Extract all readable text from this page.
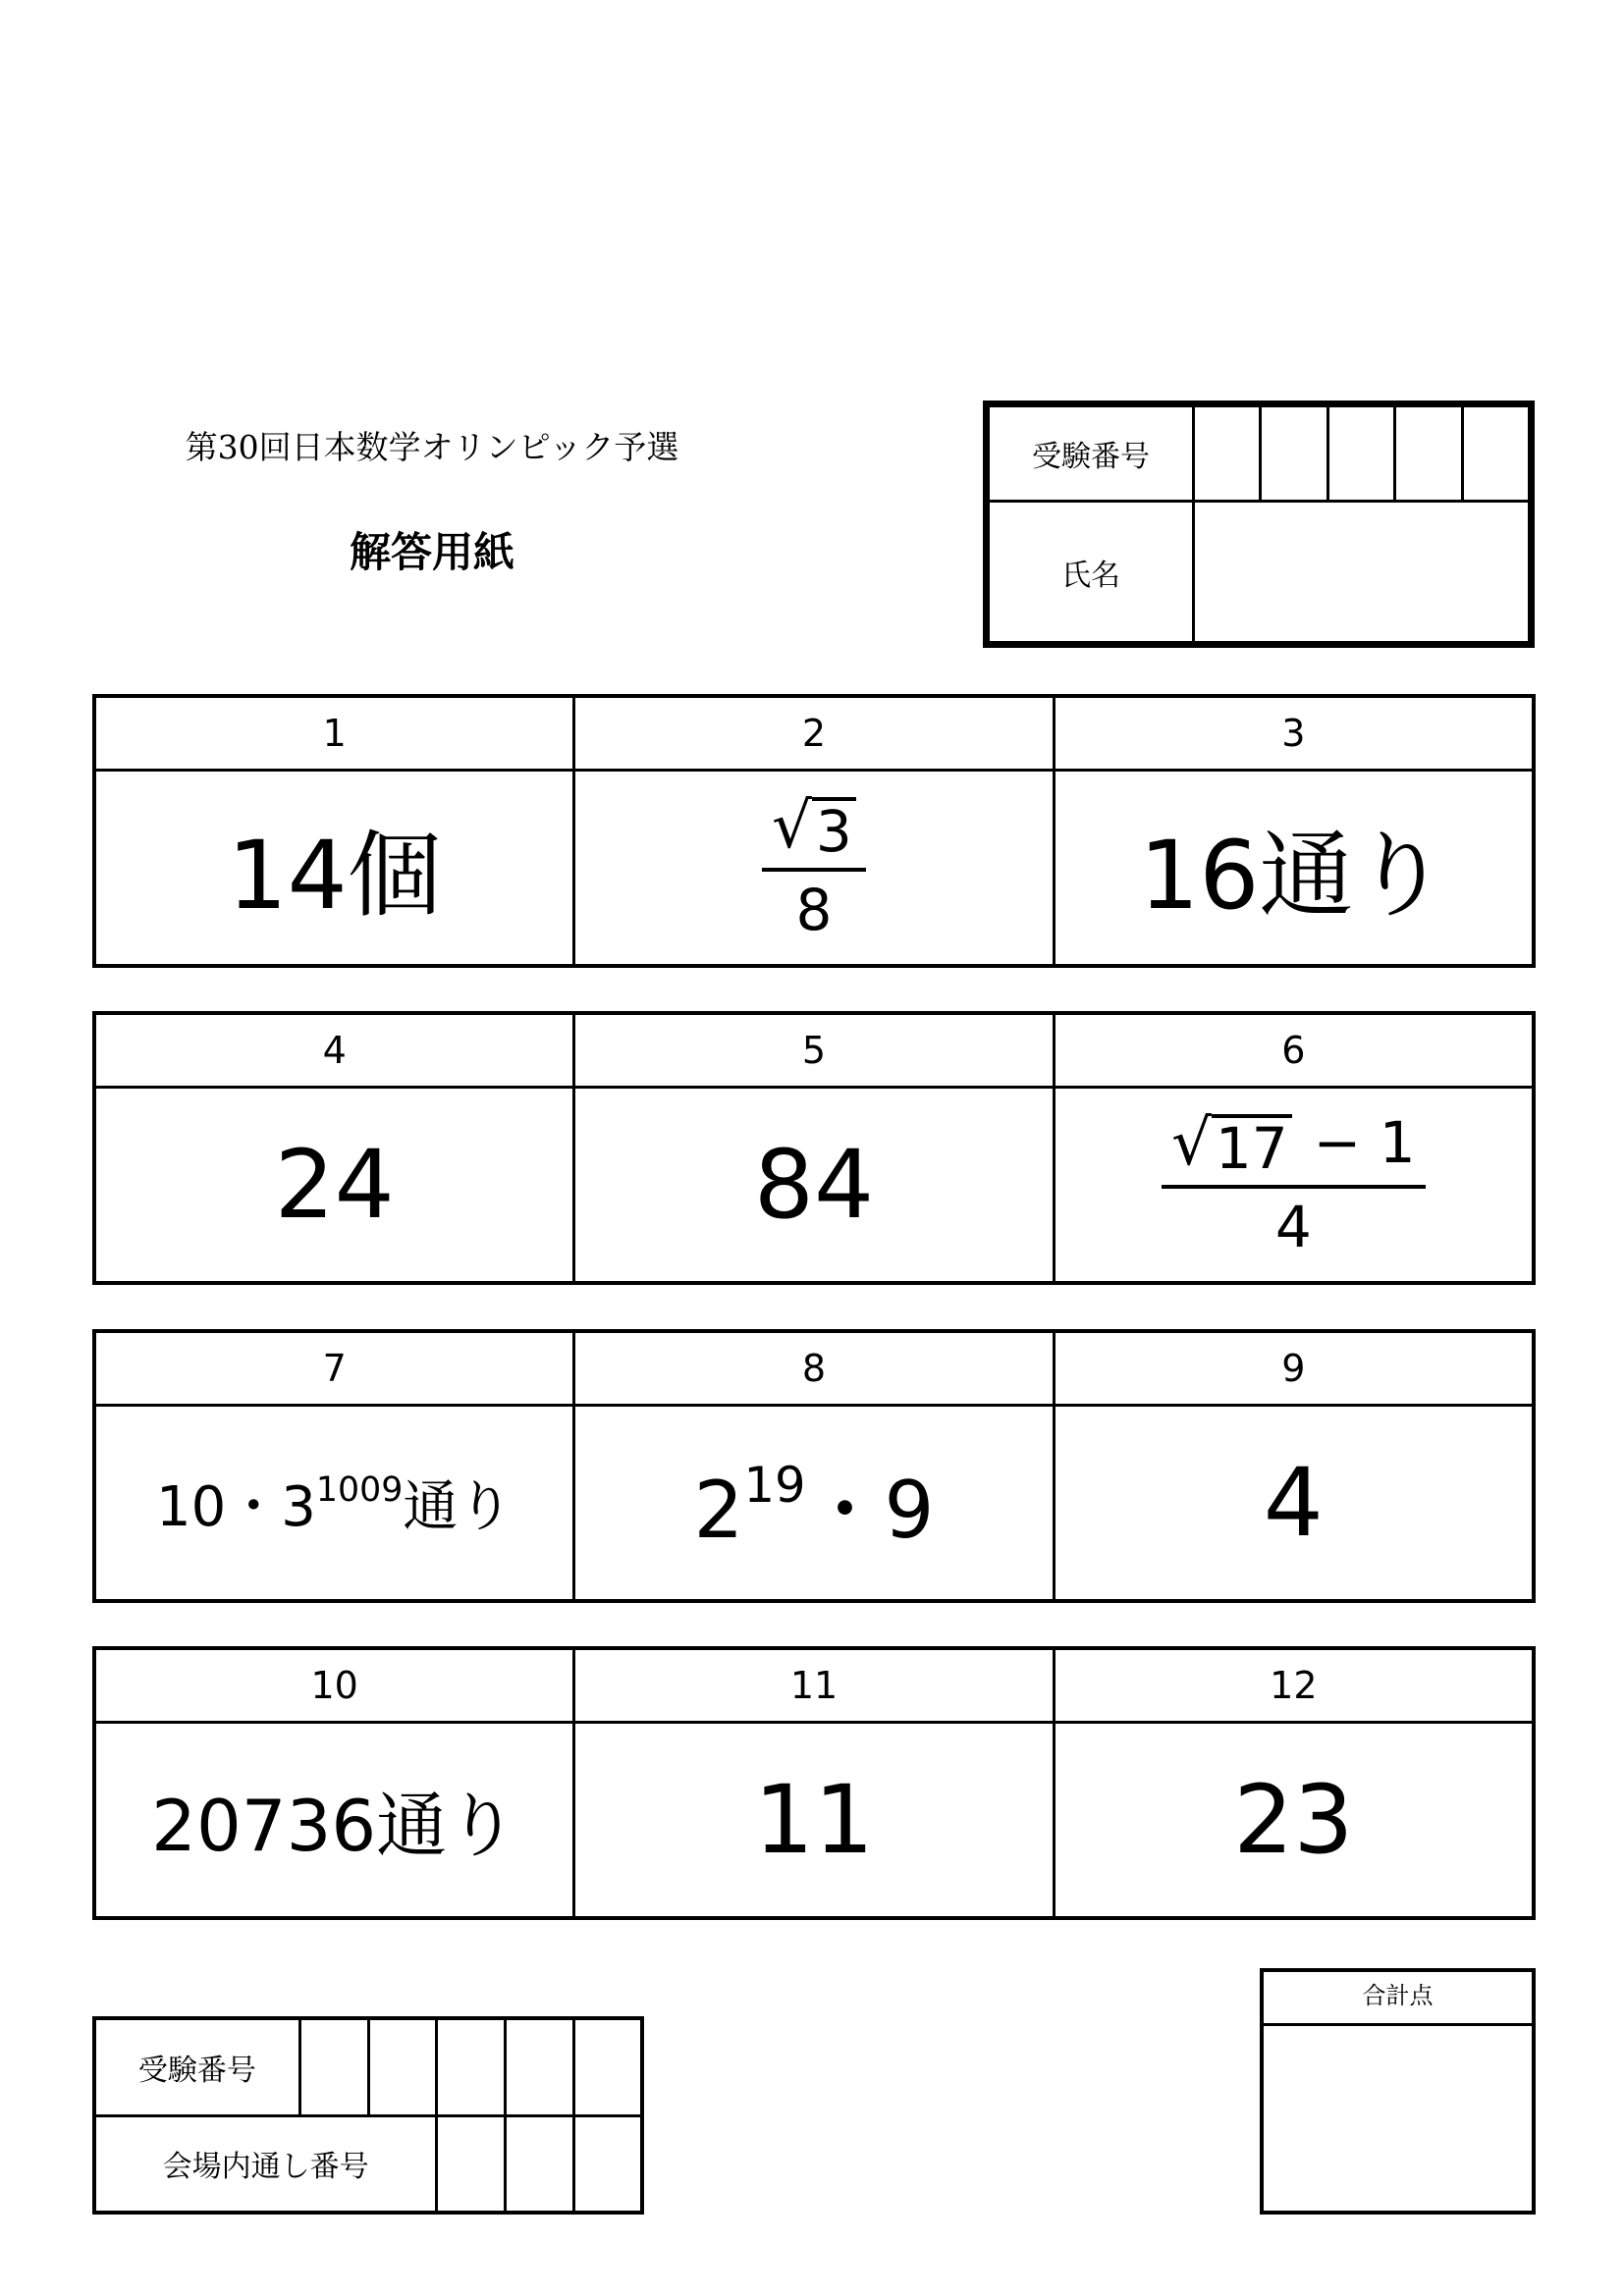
第30回日本数学オリンピック予選
解答用紙
受験番号					
氏名					
1	2	3
14個	$\frac{√ 3}{8}$	16通り
4	5	6
24	84	$\frac{√ 17 - 1}{4}$
7	8	9
10・$3^{1009}$通り	$2^{19}$・9	4
10	11	12
20736通り	11	23
受験番号					
会場内通し番号					
合計点
